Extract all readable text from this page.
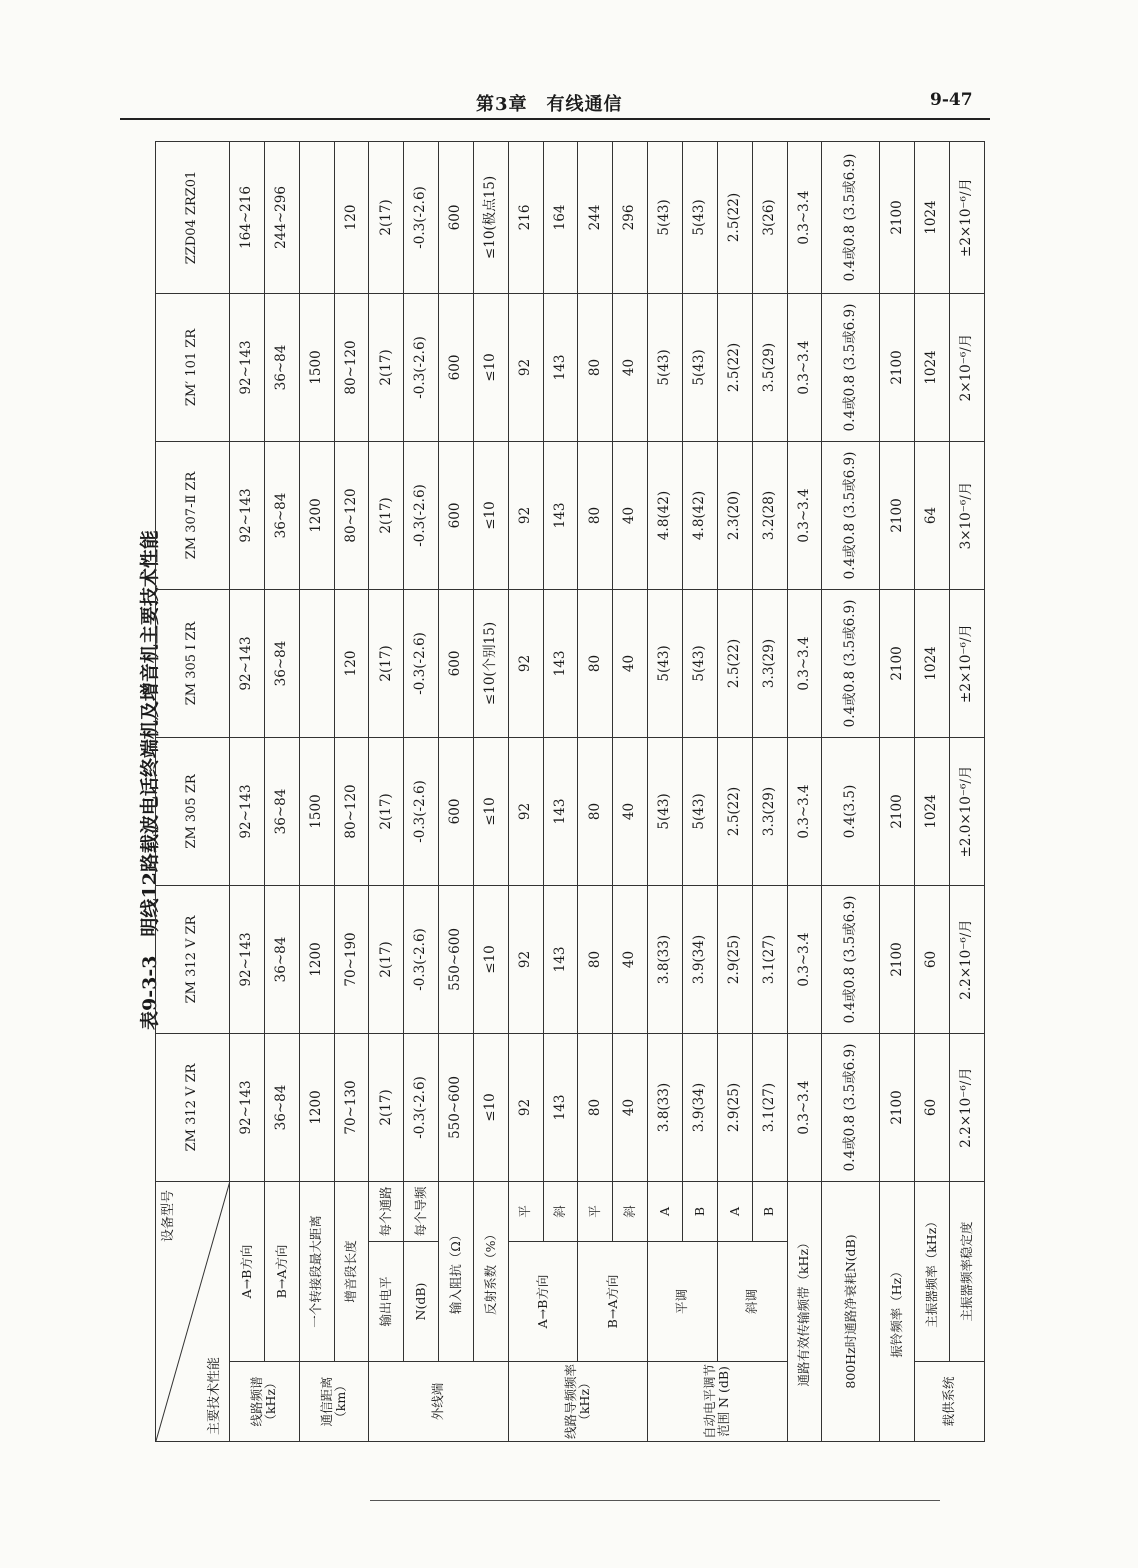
第3章　有线通信	9-47
表9-3-3　明线12路载波电话终端机及增音机主要技术性能
设备型号
主要技术性能			ZM 312 V ZR	ZM 312 V ZR	ZM 305 ZR	ZM 305 I ZR	ZM 307-Ⅱ ZR	ZM′ 101 ZR	ZZD04 ZRZ01
线路频谱（kHz）	A→B方向		92~143	92~143	92~143	92~143	92~143	92~143	164~216
	B→A方向		36~84	36~84	36~84	36~84	36~84	36~84	244~296
通信距离（km）	一个转接段最大距离		1200	1200	1500		1200	1500	
	增音段长度		70~130	70~190	80~120	120	80~120	80~120	120
外线端	输出电平	每个通路	2(17)	2(17)	2(17)	2(17)	2(17)	2(17)	2(17)
	N(dB)	每个导频	-0.3(-2.6)	-0.3(-2.6)	-0.3(-2.6)	-0.3(-2.6)	-0.3(-2.6)	-0.3(-2.6)	-0.3(-2.6)
	输入阻抗（Ω）		550~600	550~600	600	600	600	600	600
	反射系数（%）		≤10	≤10	≤10	≤10(个别15)	≤10	≤10	≤10(极点15)
线路导频频率（kHz）	A→B方向	平	92	92	92	92	92	92	216
		斜	143	143	143	143	143	143	164
	B→A方向	平	80	80	80	80	80	80	244
		斜	40	40	40	40	40	40	296
自动电平调节范围 N (dB)	平调	A	3.8(33)	3.8(33)	5(43)	5(43)	4.8(42)	5(43)	5(43)
		B	3.9(34)	3.9(34)	5(43)	5(43)	4.8(42)	5(43)	5(43)
	斜调	A	2.9(25)	2.9(25)	2.5(22)	2.5(22)	2.3(20)	2.5(22)	2.5(22)
		B	3.1(27)	3.1(27)	3.3(29)	3.3(29)	3.2(28)	3.5(29)	3(26)
通路有效传输频带（kHz）			0.3~3.4	0.3~3.4	0.3~3.4	0.3~3.4	0.3~3.4	0.3~3.4	0.3~3.4
800Hz时通路净衰耗N(dB)			0.4或0.8 (3.5或6.9)	0.4或0.8 (3.5或6.9)	0.4(3.5)	0.4或0.8 (3.5或6.9)	0.4或0.8 (3.5或6.9)	0.4或0.8 (3.5或6.9)	0.4或0.8 (3.5或6.9)
振铃频率（Hz）			2100	2100	2100	2100	2100	2100	2100
载供系统	主振器频率（kHz）		60	60	1024	1024	64	1024	1024
	主振器频率稳定度		2.2×10⁻⁶/月	2.2×10⁻⁶/月	±2.0×10⁻⁶/月	±2×10⁻⁶/月	3×10⁻⁶/月	2×10⁻⁶/月	±2×10⁻⁶/月
